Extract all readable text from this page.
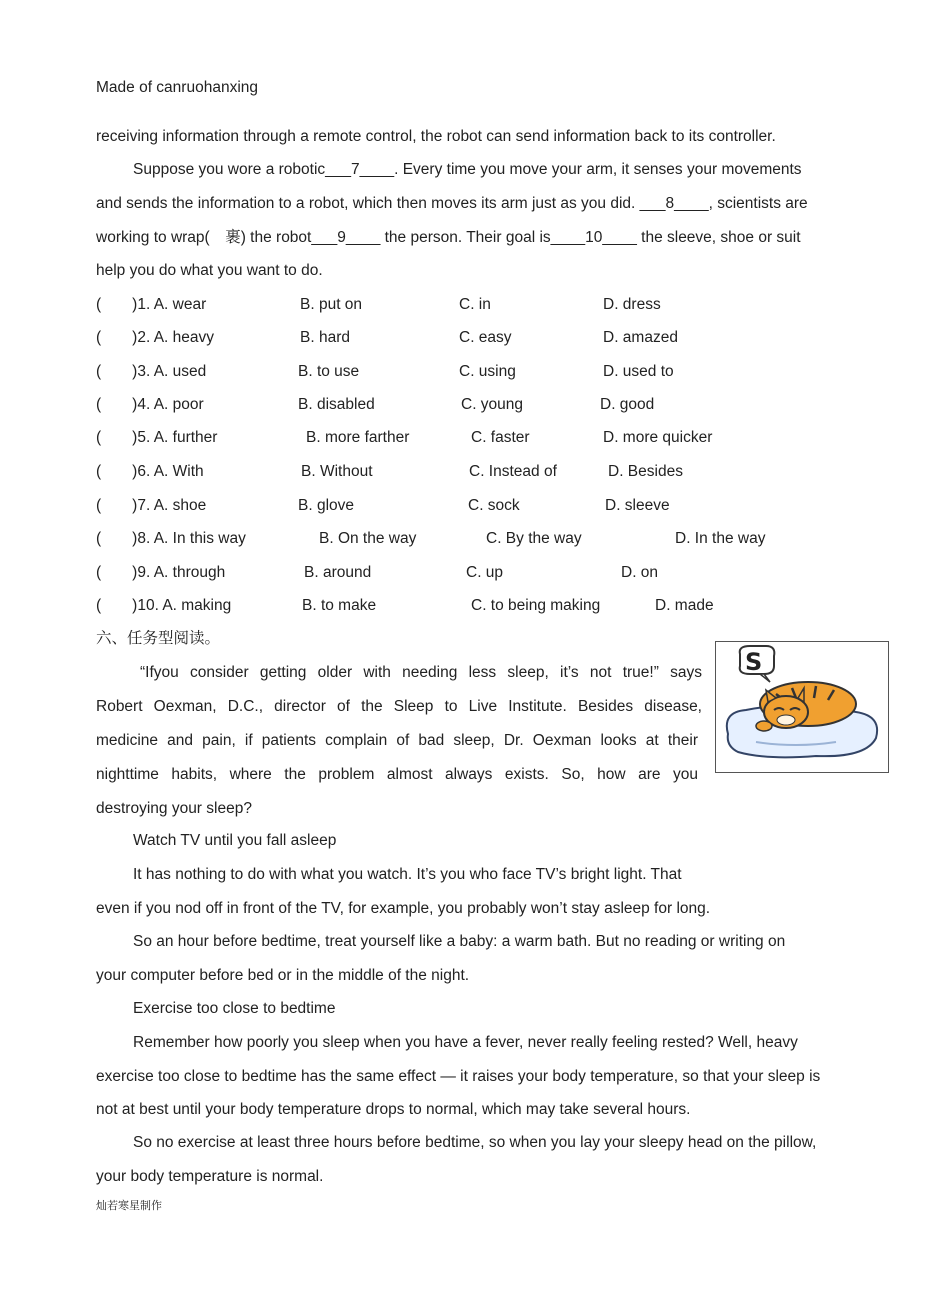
Made of canruohanxing
receiving information through a remote control, the robot can send information back to its controller.
Suppose you wore a robotic___7____. Every time you move your arm, it senses your movements
and sends the information to a robot, which then moves its arm just as you did. ___8____, scientists are
working to wrap(　裹) the robot___9____ the person. Their goal is____10____ the sleeve, shoe or suit
help you do what you want to do.
(　　)1. A. wear	B. put on	C. in	D. dress
(　　)2. A. heavy	B. hard	C. easy	D. amazed
(　　)3. A. used	B. to use	C. using	D. used to
(　　)4. A. poor	B. disabled	C. young	D. good
(　　)5. A. further	B. more farther	C. faster	D. more quicker
(　　)6. A. With	B. Without	C. Instead of	D. Besides
(　　)7. A. shoe	B. glove	C. sock	D. sleeve
(　　)8. A. In this way	B. On the way	C. By the way	D. In the way
(　　)9. A. through	B. around	C. up	D. on
(　　)10. A. making	B. to make	C. to being making	D. made
六、任务型阅读。
“Ifyou consider getting older with needing less sleep, it’s not true!” says
Robert Oexman, D.C., director of the Sleep to Live Institute. Besides disease,
medicine and pain, if patients complain of bad sleep, Dr. Oexman looks at their
nighttime habits, where the problem almost always exists. So, how are you
destroying your sleep?
S
Watch TV until you fall asleep
It has nothing to do with what you watch. It’s you who face TV’s bright light. That
even if you nod off in front of the TV, for example, you probably won’t stay asleep for long.
So an hour before bedtime, treat yourself like a baby: a warm bath. But no reading or writing on
your computer before bed or in the middle of the night.
Exercise too close to bedtime
Remember how poorly you sleep when you have a fever, never really feeling rested? Well, heavy
exercise too close to bedtime has the same effect — it raises your body temperature, so that your sleep is
not at best until your body temperature drops to normal, which may take several hours.
So no exercise at least three hours before bedtime, so when you lay your sleepy head on the pillow,
your body temperature is normal.
灿若寒星制作
